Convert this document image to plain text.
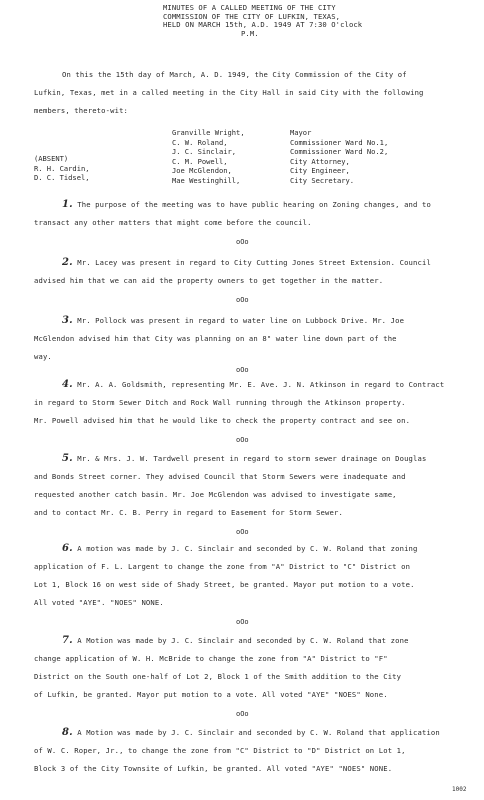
MINUTES OF A CALLED MEETING OF THE CITY
COMMISSION OF THE CITY OF LUFKIN, TEXAS,
HELD ON MARCH 15th, A.D. 1949 AT 7:30 O'clock
P.M.
On this the 15th day of March, A. D. 1949, the City Commission of the City of
Lufkin, Texas, met in a called meeting in the City Hall in said City with the following
members, thereto-wit:
(ABSENT)
R. H. Cardin,
D. C. Tidsel,
Granville Wright,
C. W. Roland,
J. C. Sinclair,
C. M. Powell,
Joe McGlendon,
Mae Westinghill,
Mayor
Commissioner Ward No.1,
Commissioner Ward No.2,
City Attorney,
City Engineer,
City Secretary.
1. The purpose of the meeting was to have public hearing on Zoning changes, and to
transact any other matters that might come before the council.
oOo
2. Mr. Lacey was present in regard to City Cutting Jones Street Extension. Council
advised him that we can aid the property owners to get together in the matter.
oOo
3. Mr. Pollock was present in regard to water line on Lubbock Drive. Mr. Joe
McGlendon advised him that City was planning on an 8" water line down part of the
way.
oOo
4. Mr. A. A. Goldsmith, representing Mr. E. Ave. J. N. Atkinson in regard to Contract
in regard to Storm Sewer Ditch and Rock Wall running through the Atkinson property.
Mr. Powell advised him that he would like to check the property contract and see on.
oOo
5. Mr. & Mrs. J. W. Tardwell present in regard to storm sewer drainage on Douglas
and Bonds Street corner. They advised Council that Storm Sewers were inadequate and
requested another catch basin. Mr. Joe McGlendon was advised to investigate same,
and to contact Mr. C. B. Perry in regard to Easement for Storm Sewer.
oOo
6. A motion was made by J. C. Sinclair and seconded by C. W. Roland that zoning
application of F. L. Largent to change the zone from "A" District to "C" District on
Lot 1, Block 16 on west side of Shady Street, be granted. Mayor put motion to a vote.
All voted "AYE". "NOES" NONE.
oOo
7. A Motion was made by J. C. Sinclair and seconded by C. W. Roland that zone
change application of W. H. McBride to change the zone from "A" District to "F"
District on the South one-half of Lot 2, Block 1 of the Smith addition to the City
of Lufkin, be granted. Mayor put motion to a vote. All voted "AYE" "NOES" None.
oOo
8. A Motion was made by J. C. Sinclair and seconded by C. W. Roland that application
of W. C. Roper, Jr., to change the zone from "C" District to "D" District on Lot 1,
Block 3 of the City Townsite of Lufkin, be granted. All voted "AYE" "NOES" NONE.
1002
